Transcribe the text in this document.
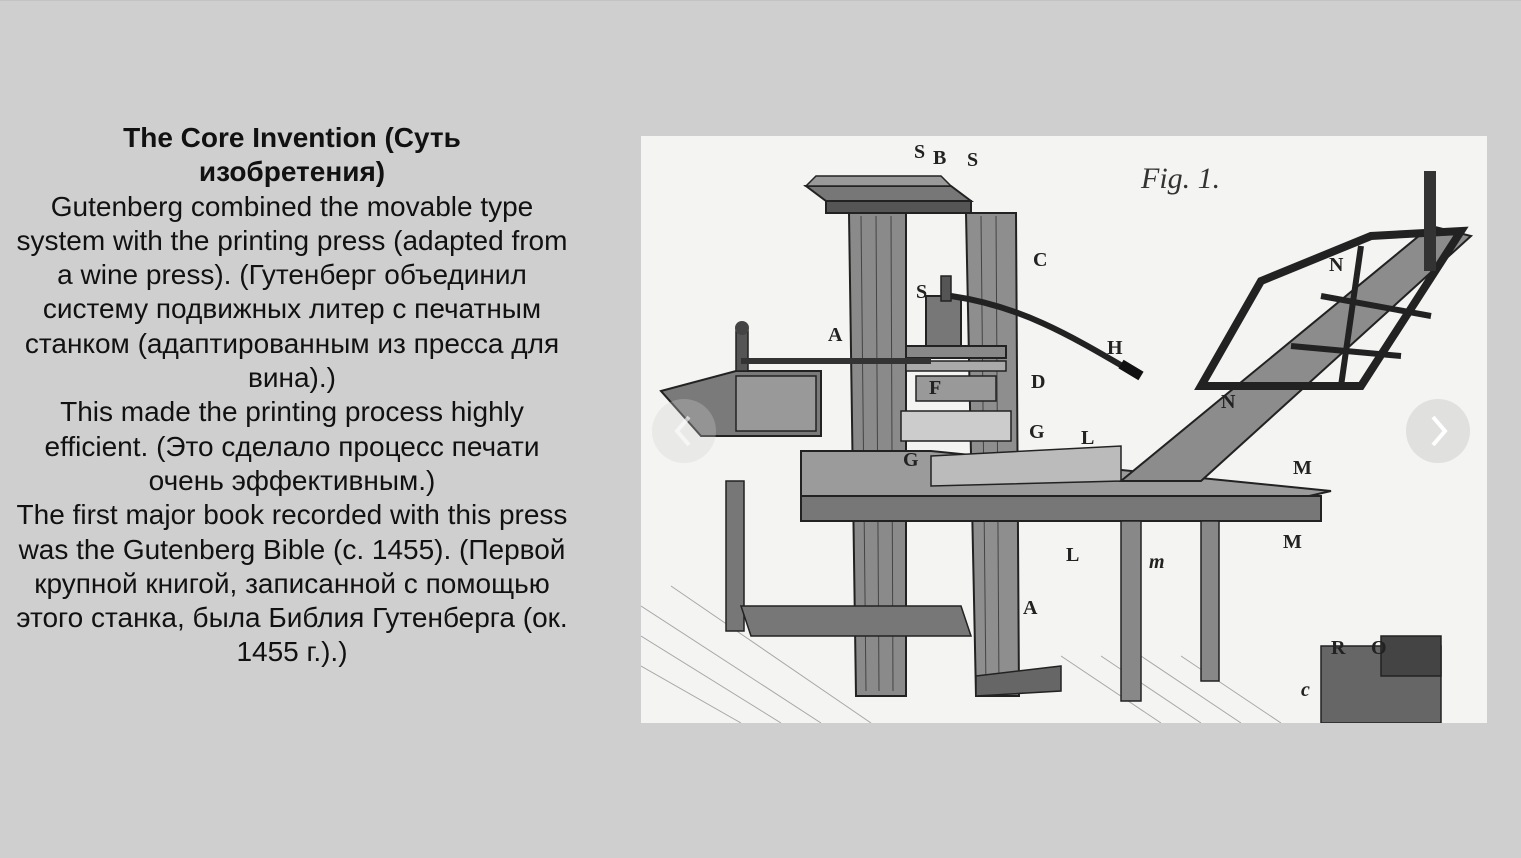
The Core Invention (Суть изобретения)
Gutenberg combined the movable type system with the printing press (adapted from a wine press). (Гутенберг объединил систему подвижных литер с печатным станком (адаптированным из пресса для вина).)
This made the printing process highly efficient. (Это сделало процесс печати очень эффективным.)
The first major book recorded with this press was the Gutenberg Bible (c. 1455). (Первой крупной книгой, записанной с помощью этого станка, была Библия Гутенберга (ок. 1455 г.).)
Fig. 1.
S B S
C
S
A
H
D
F
G L
G
N
N
M
M
L	m
A
R O
c
